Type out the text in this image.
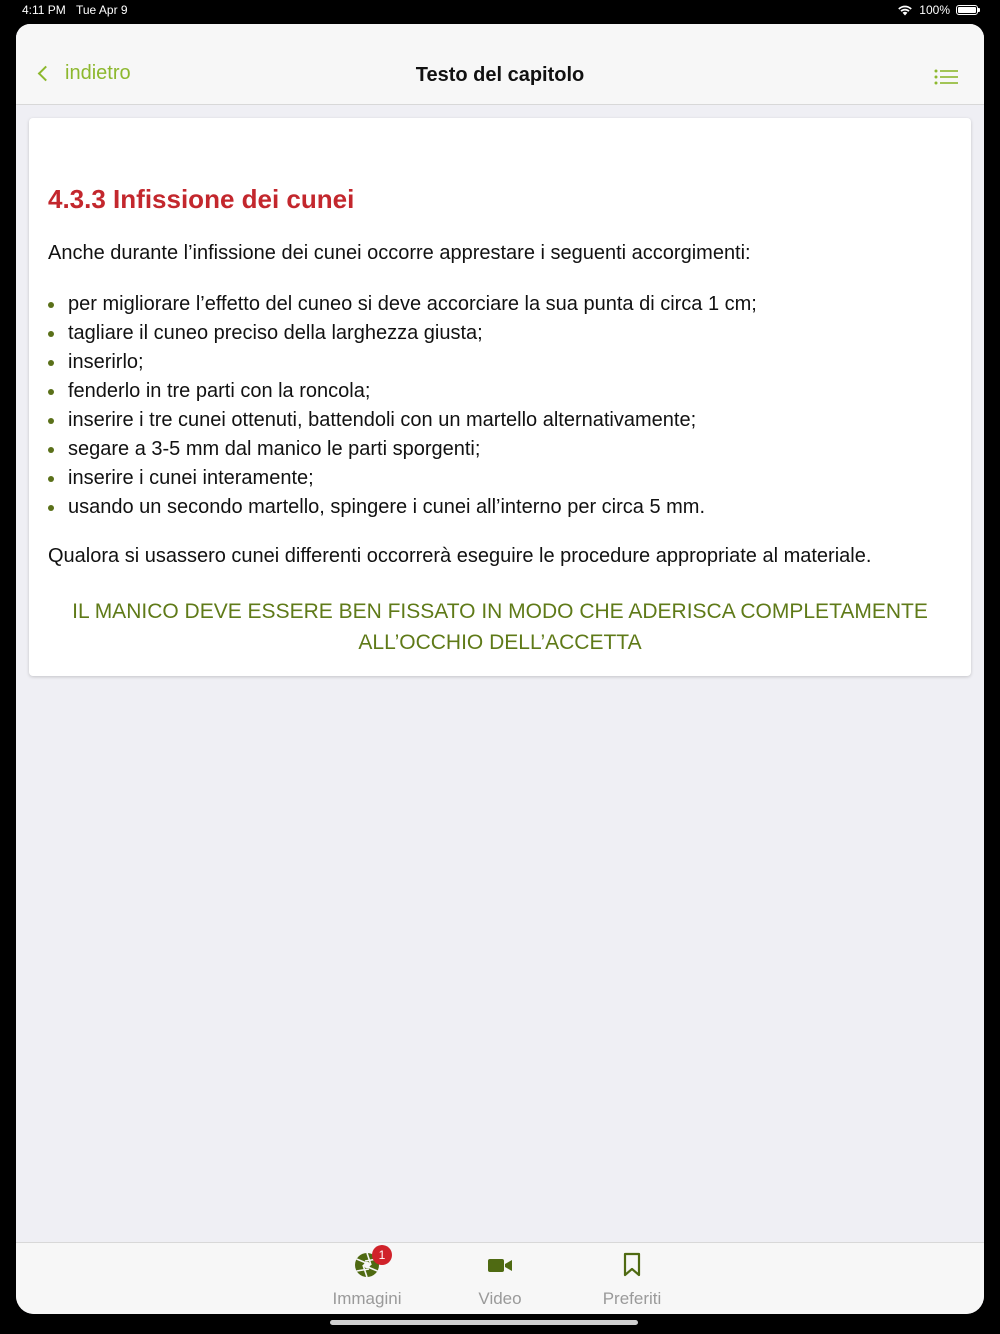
4:11 PM Tue Apr 9	100%
indietro	Testo del capitolo
4.3.3 Infissione dei cunei

Anche durante l’infissione dei cunei occorre apprestare i seguenti accorgimenti:

per migliorare l’effetto del cuneo si deve accorciare la sua punta di circa 1 cm;
tagliare il cuneo preciso della larghezza giusta;
inserirlo;
fenderlo in tre parti con la roncola;
inserire i tre cunei ottenuti, battendoli con un martello alternativamente;
segare a 3-5 mm dal manico le parti sporgenti;
inserire i cunei interamente;
usando un secondo martello, spingere i cunei all’interno per circa 5 mm.

Qualora si usassero cunei differenti occorrerà eseguire le procedure appropriate al materiale.

IL MANICO DEVE ESSERE BEN FISSATO IN MODO CHE ADERISCA COMPLETAMENTE
ALL’OCCHIO DELL’ACCETTA

1
Immagini	Video	Preferiti
